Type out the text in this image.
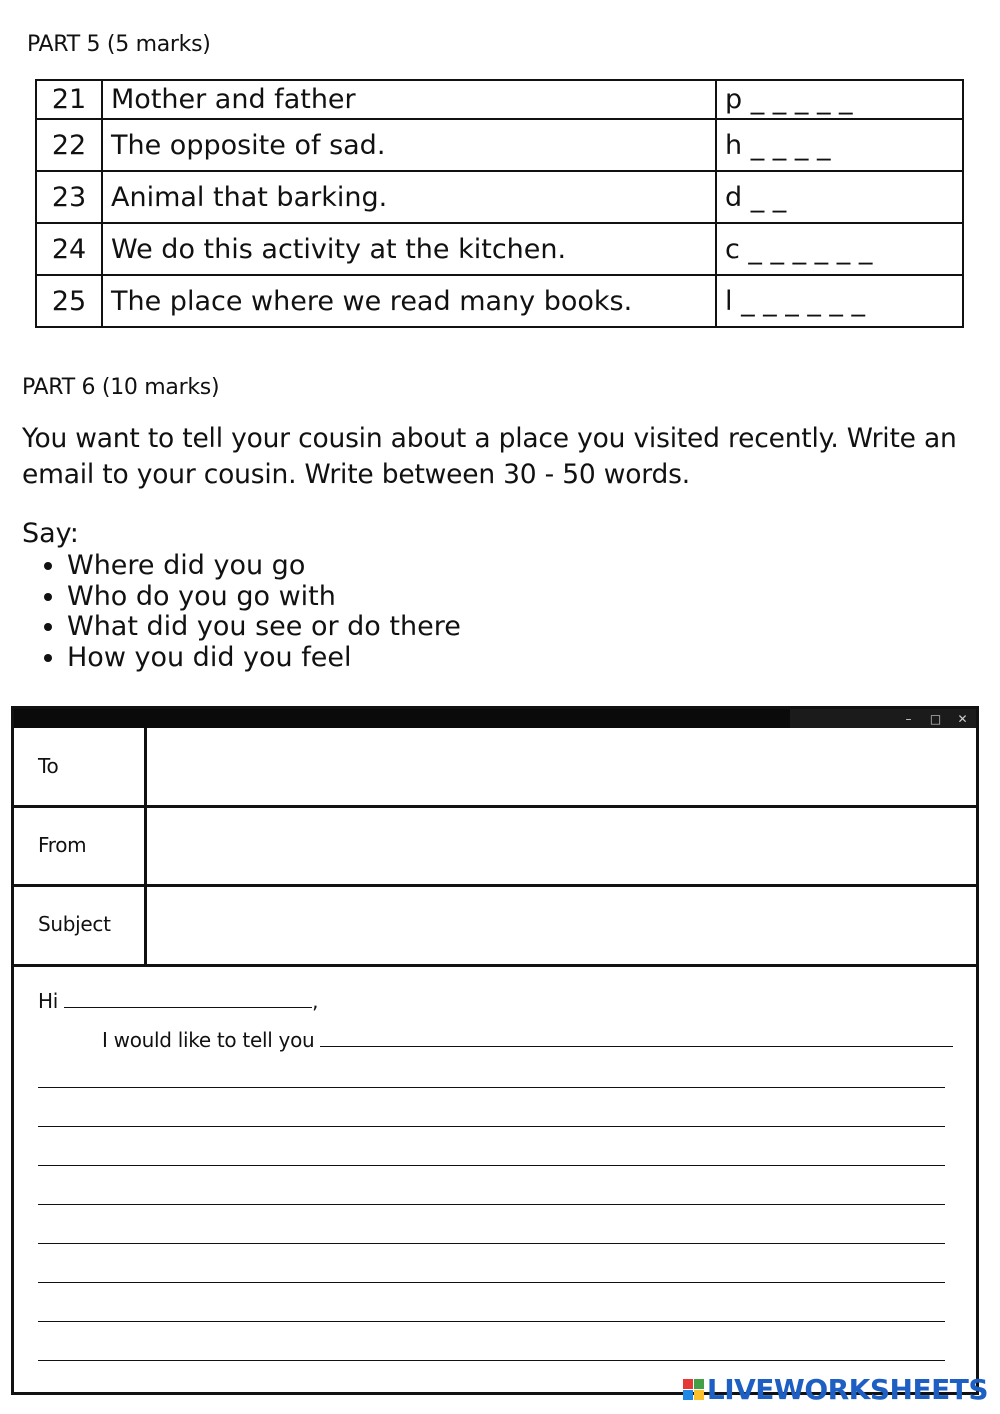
PART 5 (5 marks)
21	Mother and father	p _ _ _ _ _
22	The opposite of sad.	h _ _ _ _
23	Animal that barking.	d _ _
24	We do this activity at the kitchen.	c _ _ _ _ _ _
25	The place where we read many books.	l _ _ _ _ _ _
PART 6 (10 marks)
You want to tell your cousin about a place you visited recently. Write an email to your cousin. Write between 30 - 50 words.
Say:
• Where did you go
• Who do you go with
• What did you see or do there
• How you did you feel
–	□	✕
To
From
Subject
Hi	,
I would like to tell you
LIVEWORKSHEETS
